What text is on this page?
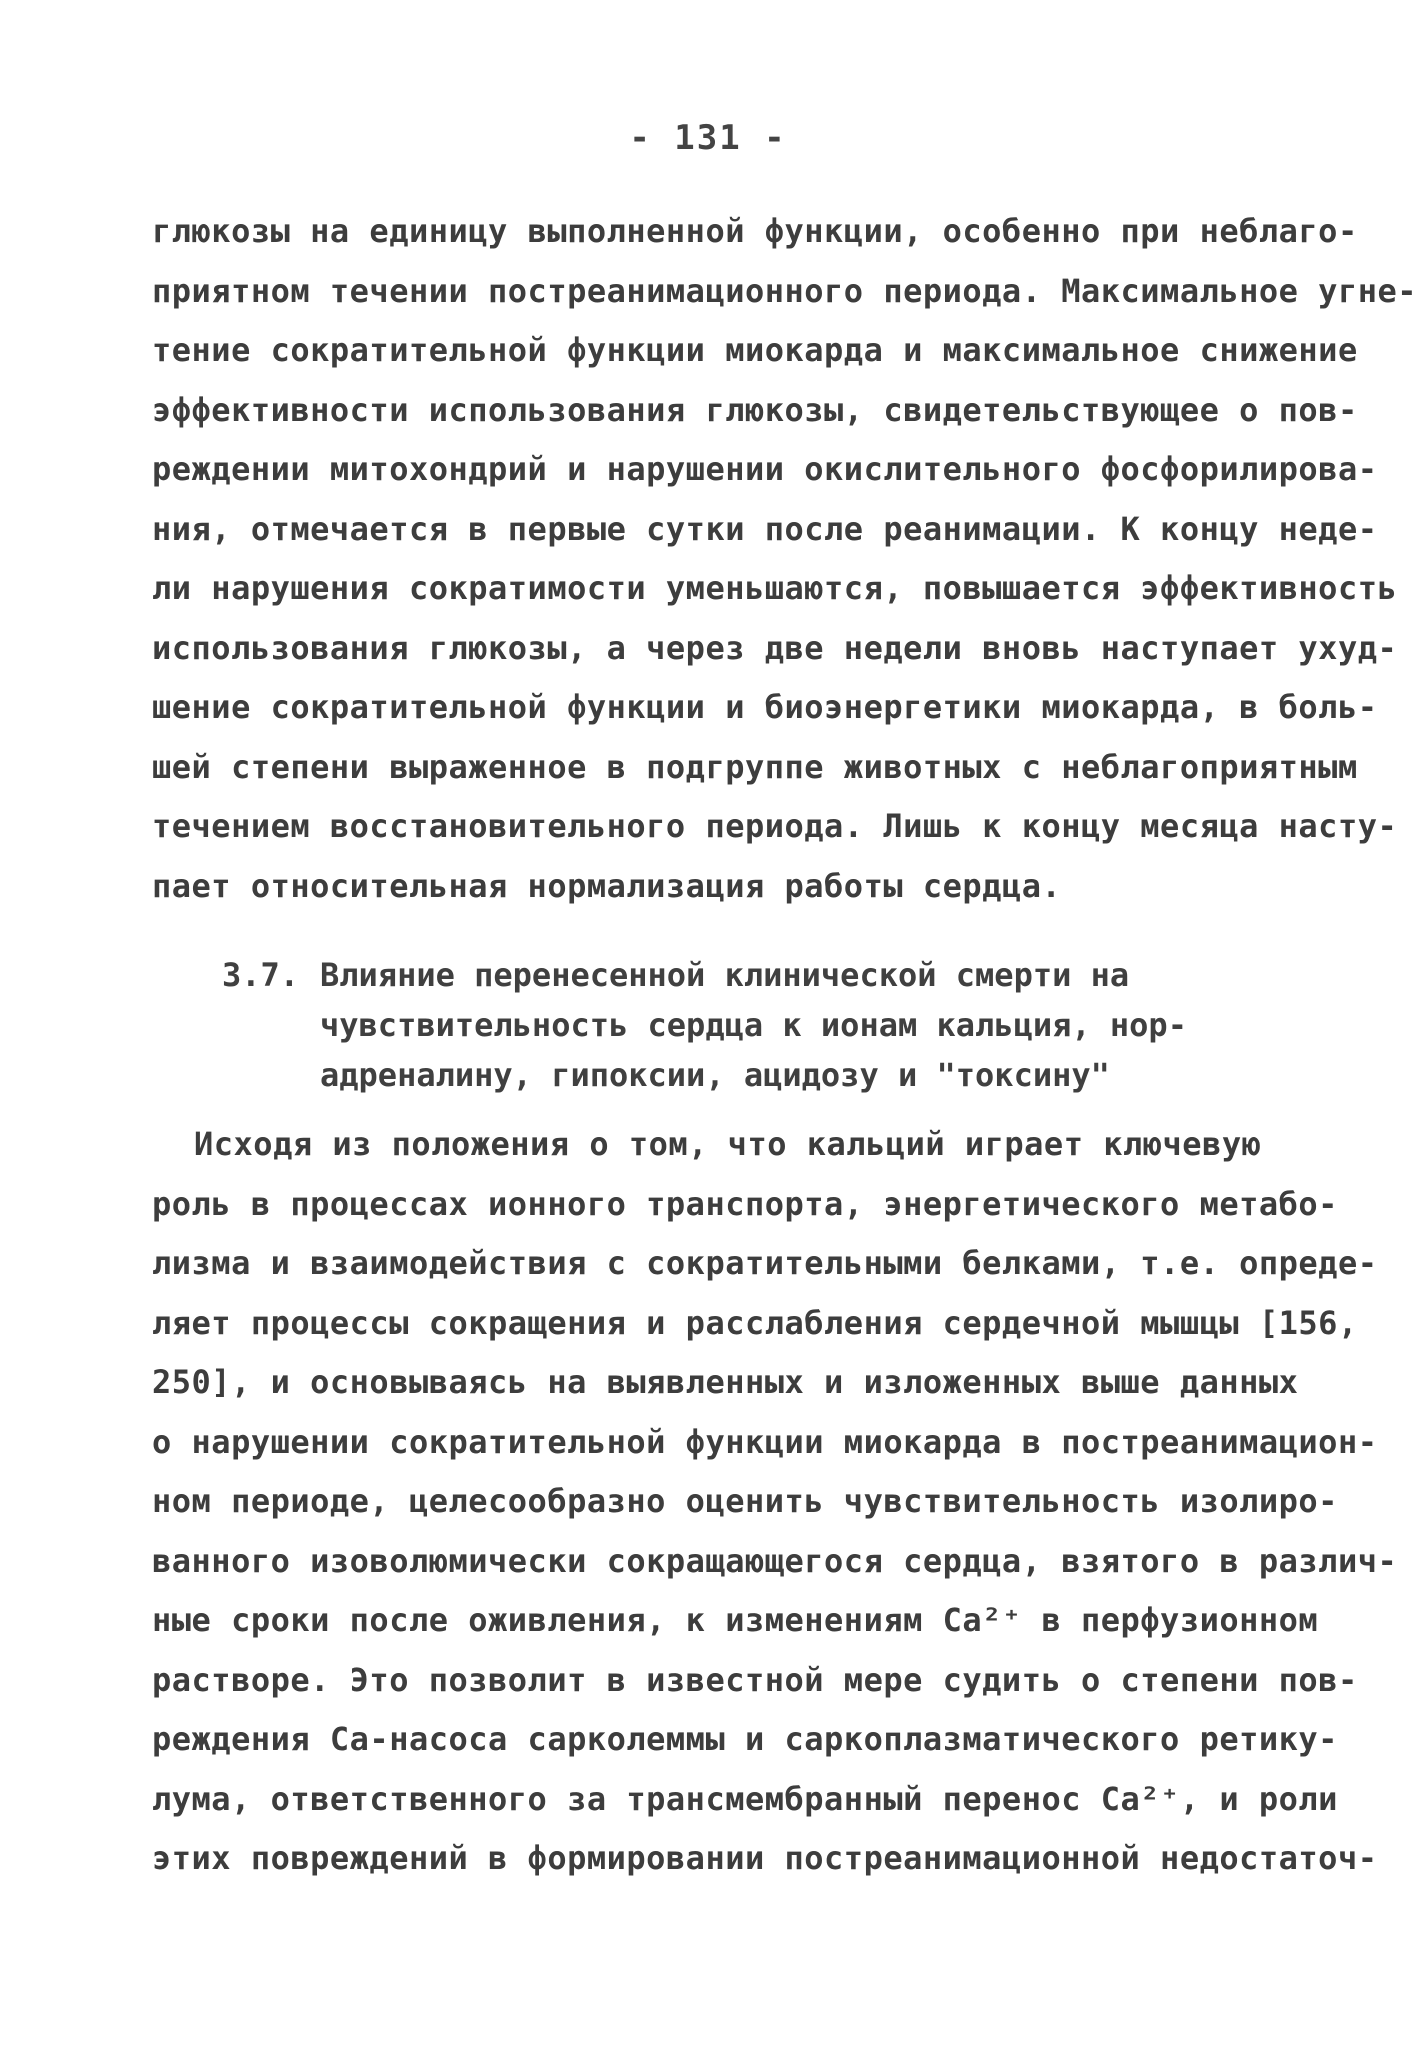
- 131 -
глюкозы на единицу выполненной функции, особенно при неблаго-
приятном течении постреанимационного периода. Максимальное угне-
тение сократительной функции миокарда и максимальное снижение
эффективности использования глюкозы, свидетельствующее о пов-
реждении митохондрий и нарушении окислительного фосфорилирова-
ния, отмечается в первые сутки после реанимации. К концу неде-
ли нарушения сократимости уменьшаются, повышается эффективность
использования глюкозы, а через две недели вновь наступает ухуд-
шение сократительной функции и биоэнергетики миокарда, в боль-
шей степени выраженное в подгруппе животных с неблагоприятным
течением восстановительного периода. Лишь к концу месяца насту-
пает относительная нормализация работы сердца.
3.7. Влияние перенесенной клинической смерти на
чувствительность сердца к ионам кальция, нор-
адреналину, гипоксии, ацидозу и "токсину"
Исходя из положения о том, что кальций играет ключевую
роль в процессах ионного транспорта, энергетического метабо-
лизма и взаимодействия с сократительными белками, т.е. опреде-
ляет процессы сокращения и расслабления сердечной мышцы [156,
250], и основываясь на выявленных и изложенных выше данных
о нарушении сократительной функции миокарда в постреанимацион-
ном периоде, целесообразно оценить чувствительность изолиро-
ванного изоволюмически сокращающегося сердца, взятого в различ-
ные сроки после оживления, к изменениям Ca²⁺ в перфузионном
растворе. Это позволит в известной мере судить о степени пов-
реждения Ca-насоса сарколеммы и саркоплазматического ретику-
лума, ответственного за трансмембранный перенос Ca²⁺, и роли
этих повреждений в формировании постреанимационной недостаточ-
